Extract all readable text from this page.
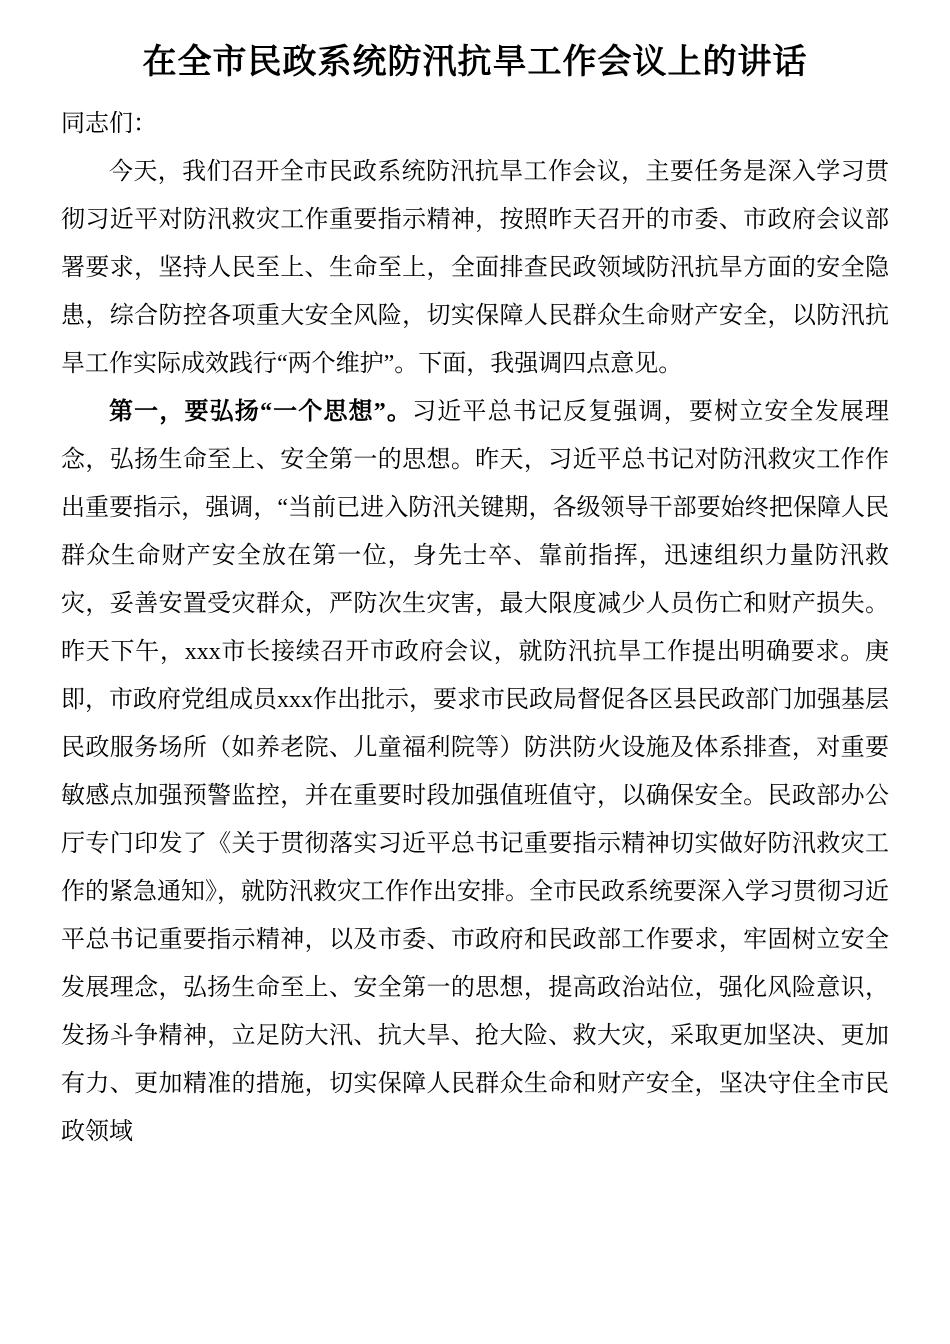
在全市民政系统防汛抗旱工作会议上的讲话

同志们：

今天，我们召开全市民政系统防汛抗旱工作会议，主要任务是深入学习贯彻习近平对防汛救灾工作重要指示精神，按照昨天召开的市委、市政府会议部署要求，坚持人民至上、生命至上，全面排查民政领域防汛抗旱方面的安全隐患，综合防控各项重大安全风险，切实保障人民群众生命财产安全，以防汛抗旱工作实际成效践行“两个维护”。下面，我强调四点意见。

第一，要弘扬“一个思想”。习近平总书记反复强调，要树立安全发展理念，弘扬生命至上、安全第一的思想。昨天，习近平总书记对防汛救灾工作作出重要指示，强调，“当前已进入防汛关键期，各级领导干部要始终把保障人民群众生命财产安全放在第一位，身先士卒、靠前指挥，迅速组织力量防汛救灾，妥善安置受灾群众，严防次生灾害，最大限度减少人员伤亡和财产损失。昨天下午，xxx市长接续召开市政府会议，就防汛抗旱工作提出明确要求。庚即，市政府党组成员xxx作出批示，要求市民政局督促各区县民政部门加强基层民政服务场所（如养老院、儿童福利院等）防洪防火设施及体系排查，对重要敏感点加强预警监控，并在重要时段加强值班值守，以确保安全。民政部办公厅专门印发了《关于贯彻落实习近平总书记重要指示精神切实做好防汛救灾工作的紧急通知》，就防汛救灾工作作出安排。全市民政系统要深入学习贯彻习近平总书记重要指示精神，以及市委、市政府和民政部工作要求，牢固树立安全发展理念，弘扬生命至上、安全第一的思想，提高政治站位，强化风险意识，发扬斗争精神，立足防大汛、抗大旱、抢大险、救大灾，采取更加坚决、更加有力、更加精准的措施，切实保障人民群众生命和财产安全，坚决守住全市民政领域
